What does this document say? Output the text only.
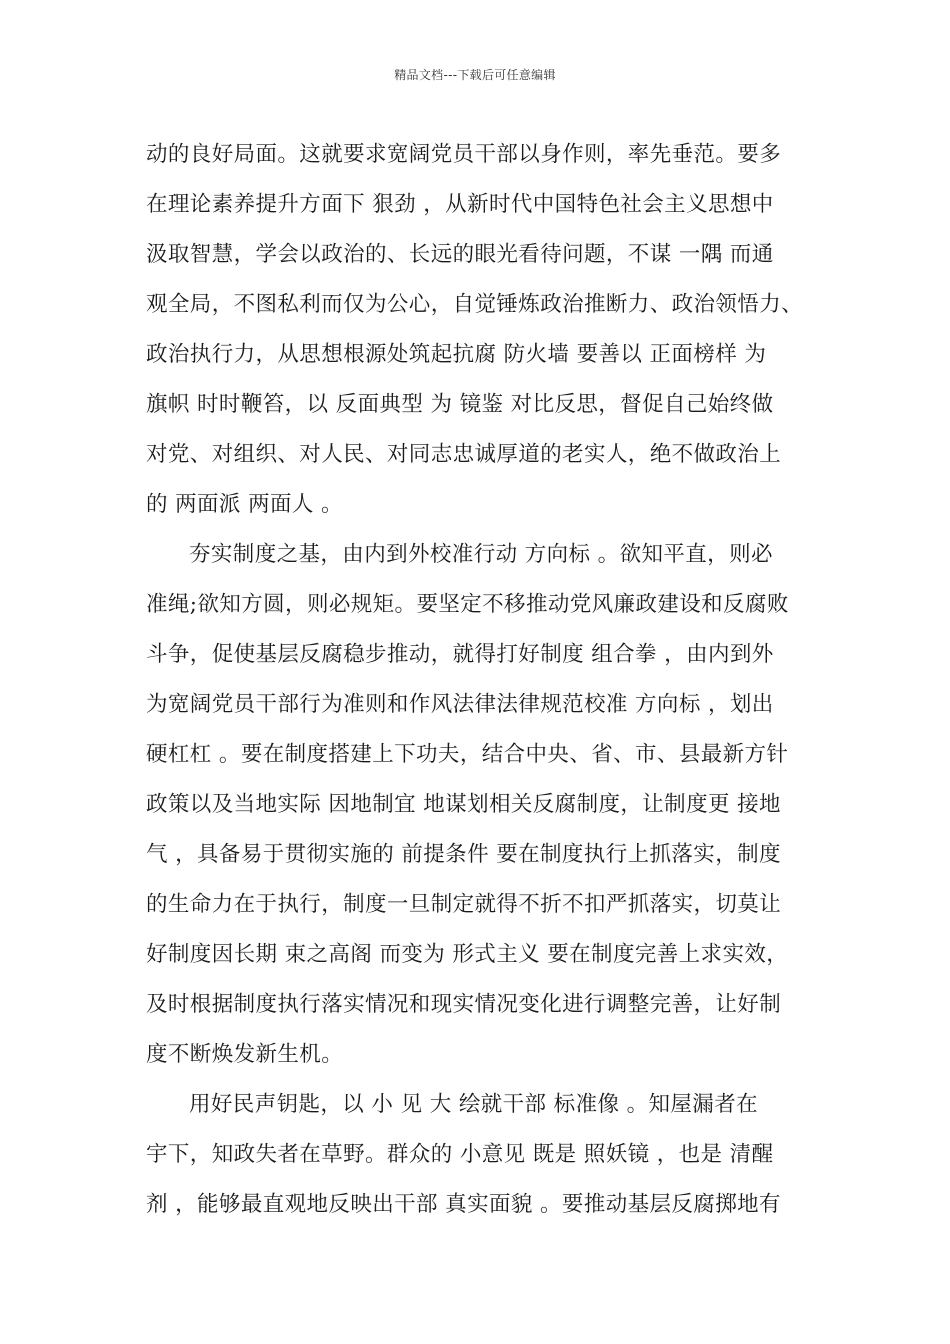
精品文档---下载后可任意编辑
动的良好局面。这就要求宽阔党员干部以身作则，率先垂范。要多
在理论素养提升方面下 狠劲 ，从新时代中国特色社会主义思想中
汲取智慧，学会以政治的、长远的眼光看待问题，不谋 一隅 而通
观全局，不图私利而仅为公心，自觉锤炼政治推断力、政治领悟力、
政治执行力，从思想根源处筑起抗腐 防火墙 要善以 正面榜样 为
旗帜 时时鞭笞，以 反面典型 为 镜鉴 对比反思，督促自己始终做
对党、对组织、对人民、对同志忠诚厚道的老实人，绝不做政治上
的 两面派 两面人 。
夯实制度之基，由内到外校准行动 方向标 。欲知平直，则必
准绳;欲知方圆，则必规矩。要坚定不移推动党风廉政建设和反腐败
斗争，促使基层反腐稳步推动，就得打好制度 组合拳 ，由内到外
为宽阔党员干部行为准则和作风法律法律规范校准 方向标 ，划出
硬杠杠 。要在制度搭建上下功夫，结合中央、省、市、县最新方针
政策以及当地实际 因地制宜 地谋划相关反腐制度，让制度更 接地
气 ，具备易于贯彻实施的 前提条件 要在制度执行上抓落实，制度
的生命力在于执行，制度一旦制定就得不折不扣严抓落实，切莫让
好制度因长期 束之高阁 而变为 形式主义 要在制度完善上求实效，
及时根据制度执行落实情况和现实情况变化进行调整完善，让好制
度不断焕发新生机。
用好民声钥匙，以 小 见 大 绘就干部 标准像 。知屋漏者在
宇下，知政失者在草野。群众的 小意见 既是 照妖镜 ，也是 清醒
剂 ，能够最直观地反映出干部 真实面貌 。要推动基层反腐掷地有
